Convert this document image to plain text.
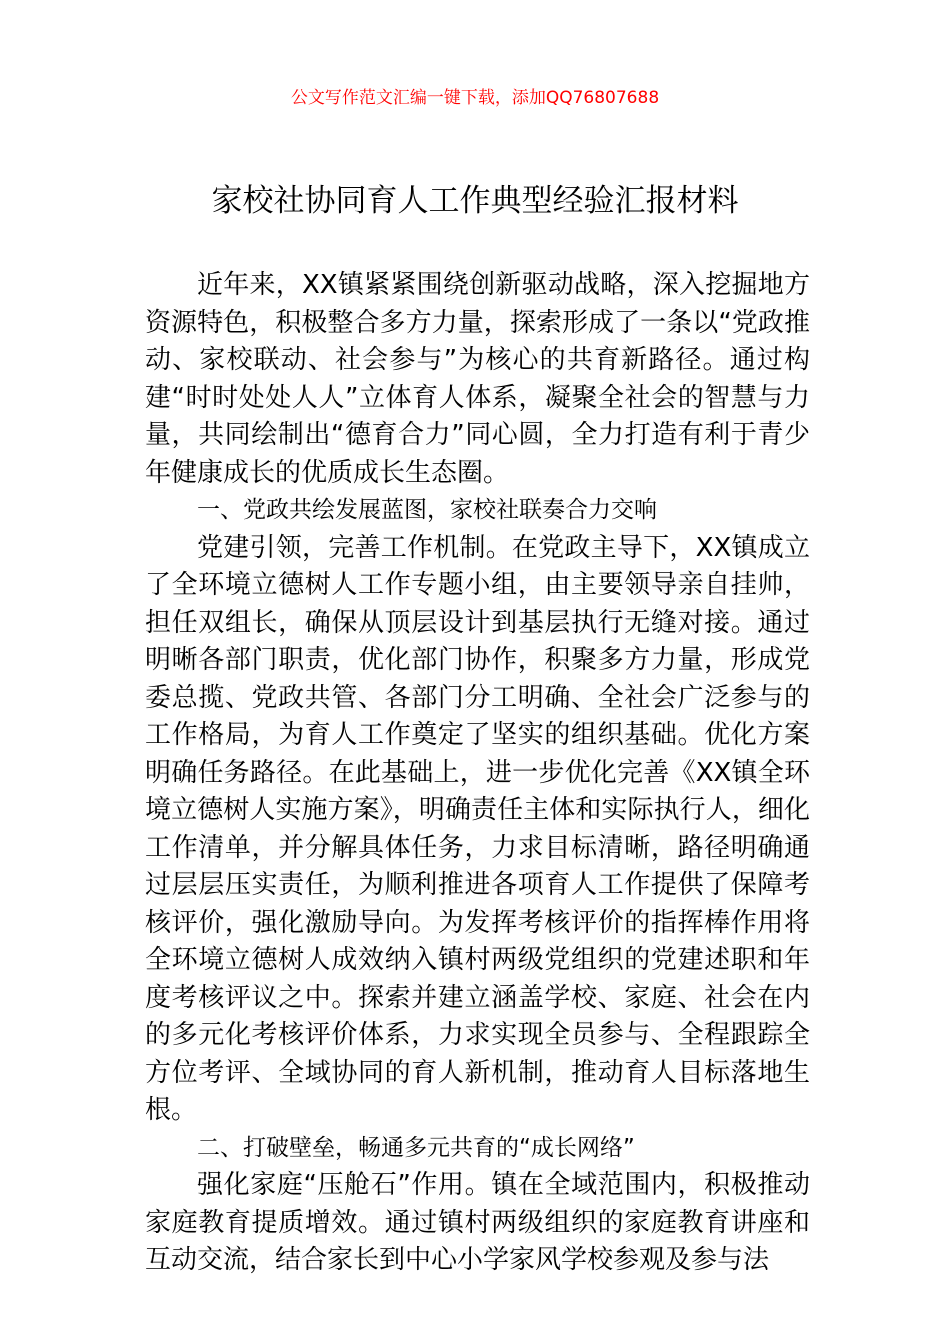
公文写作范文汇编一键下载，添加QQ76807688
家校社协同育人工作典型经验汇报材料

近年来，XX镇紧紧围绕创新驱动战略，深入挖掘地方资源特色，积极整合多方力量，探索形成了一条以“党政推动、家校联动、社会参与”为核心的共育新路径。通过构建“时时处处人人”立体育人体系，凝聚全社会的智慧与力量，共同绘制出“德育合力”同心圆，全力打造有利于青少年健康成长的优质成长生态圈。

一、党政共绘发展蓝图，家校社联奏合力交响

党建引领，完善工作机制。在党政主导下，XX镇成立了全环境立德树人工作专题小组，由主要领导亲自挂帅，担任双组长，确保从顶层设计到基层执行无缝对接。通过明晰各部门职责，优化部门协作，积聚多方力量，形成党委总揽、党政共管、各部门分工明确、全社会广泛参与的工作格局，为育人工作奠定了坚实的组织基础。优化方案明确任务路径。在此基础上，进一步优化完善《XX镇全环境立德树人实施方案》，明确责任主体和实际执行人，细化工作清单，并分解具体任务，力求目标清晰，路径明确通过层层压实责任，为顺利推进各项育人工作提供了保障考核评价，强化激励导向。为发挥考核评价的指挥棒作用将全环境立德树人成效纳入镇村两级党组织的党建述职和年度考核评议之中。探索并建立涵盖学校、家庭、社会在内的多元化考核评价体系，力求实现全员参与、全程跟踪全方位考评、全域协同的育人新机制，推动育人目标落地生根。

二、打破壁垒，畅通多元共育的“成长网络”

强化家庭“压舱石”作用。镇在全域范围内，积极推动家庭教育提质增效。通过镇村两级组织的家庭教育讲座和互动交流，结合家长到中心小学家风学校参观及参与法
